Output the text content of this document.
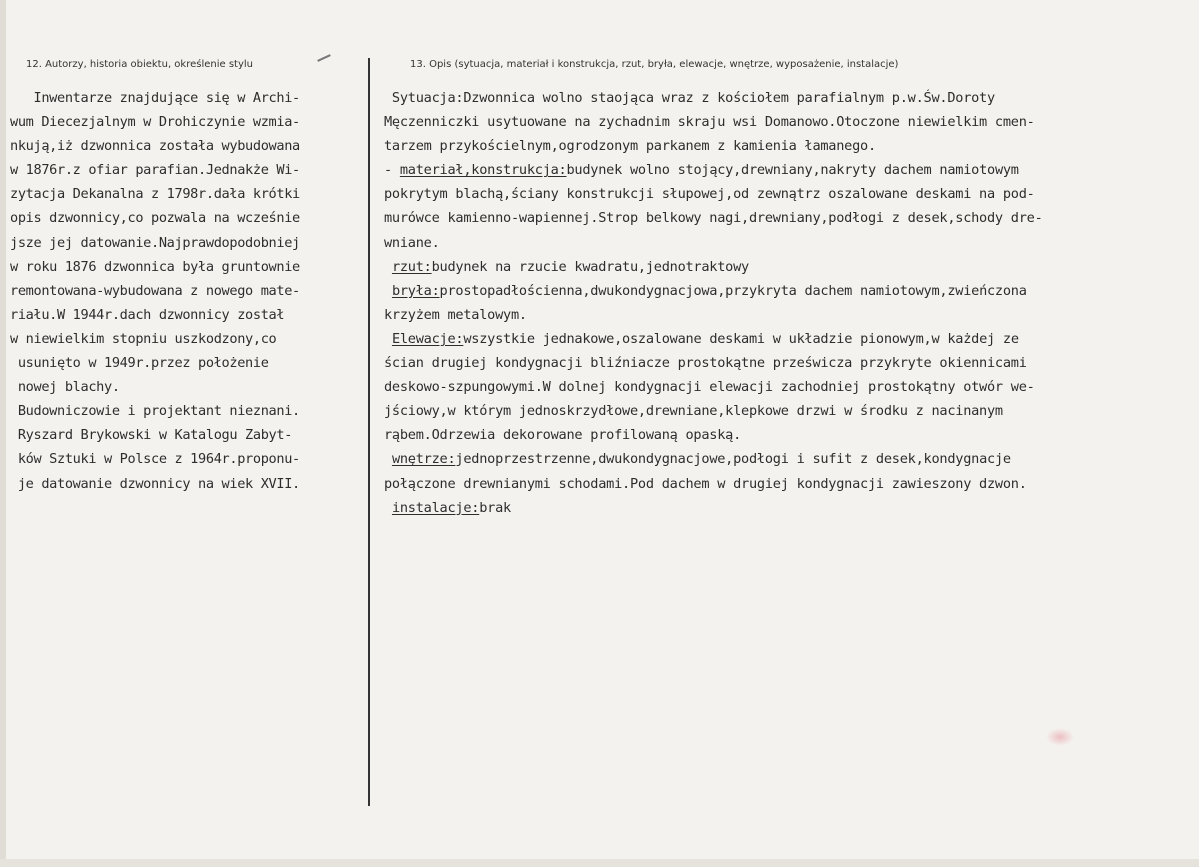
12. Autorzy, historia obiektu, określenie stylu	13. Opis (sytuacja, materiał i konstrukcja, rzut, bryła, elewacje, wnętrze, wyposażenie, instalacje)
Inwentarze znajdujące się w Archi-
wum Diecezjalnym w Drohiczynie wzmia-
nkują,iż dzwonnica została wybudowana
w 1876r.z ofiar parafian.Jednakże Wi-
zytacja Dekanalna z 1798r.dała krótki
opis dzwonnicy,co pozwala na wcześnie
jsze jej datowanie.Najprawdopodobniej
w roku 1876 dzwonnica była gruntownie
remontowana-wybudowana z nowego mate-
riału.W 1944r.dach dzwonnicy został
w niewielkim stopniu uszkodzony,co
usunięto w 1949r.przez położenie
nowej blachy.
Budowniczowie i projektant nieznani.
Ryszard Brykowski w Katalogu Zabyt-
ków Sztuki w Polsce z 1964r.proponu-
je datowanie dzwonnicy na wiek XVII.
Sytuacja:Dzwonnica wolno staojąca wraz z kościołem parafialnym p.w.Św.Doroty
Męczenniczki usytuowane na zychadnim skraju wsi Domanowo.Otoczone niewielkim cmen-
tarzem przykościelnym,ogrodzonym parkanem z kamienia łamanego.
- materiał,konstrukcja:budynek wolno stojący,drewniany,nakryty dachem namiotowym
pokrytym blachą,ściany konstrukcji słupowej,od zewnątrz oszalowane deskami na pod-
murówce kamienno-wapiennej.Strop belkowy nagi,drewniany,podłogi z desek,schody dre-
wniane.
rzut:budynek na rzucie kwadratu,jednotraktowy
bryła:prostopadłościenna,dwukondygnacjowa,przykryta dachem namiotowym,zwieńczona
krzyżem metalowym.
Elewacje:wszystkie jednakowe,oszalowane deskami w układzie pionowym,w każdej ze
ścian drugiej kondygnacji bliźniacze prostokątne prześwicza przykryte okiennicami
deskowo-szpungowymi.W dolnej kondygnacji elewacji zachodniej prostokątny otwór we-
jściowy,w którym jednoskrzydłowe,drewniane,klepkowe drzwi w środku z nacinanym
rąbem.Odrzewia dekorowane profilowaną opaską.
wnętrze:jednoprzestrzenne,dwukondygnacjowe,podłogi i sufit z desek,kondygnacje
połączone drewnianymi schodami.Pod dachem w drugiej kondygnacji zawieszony dzwon.
instalacje:brak
